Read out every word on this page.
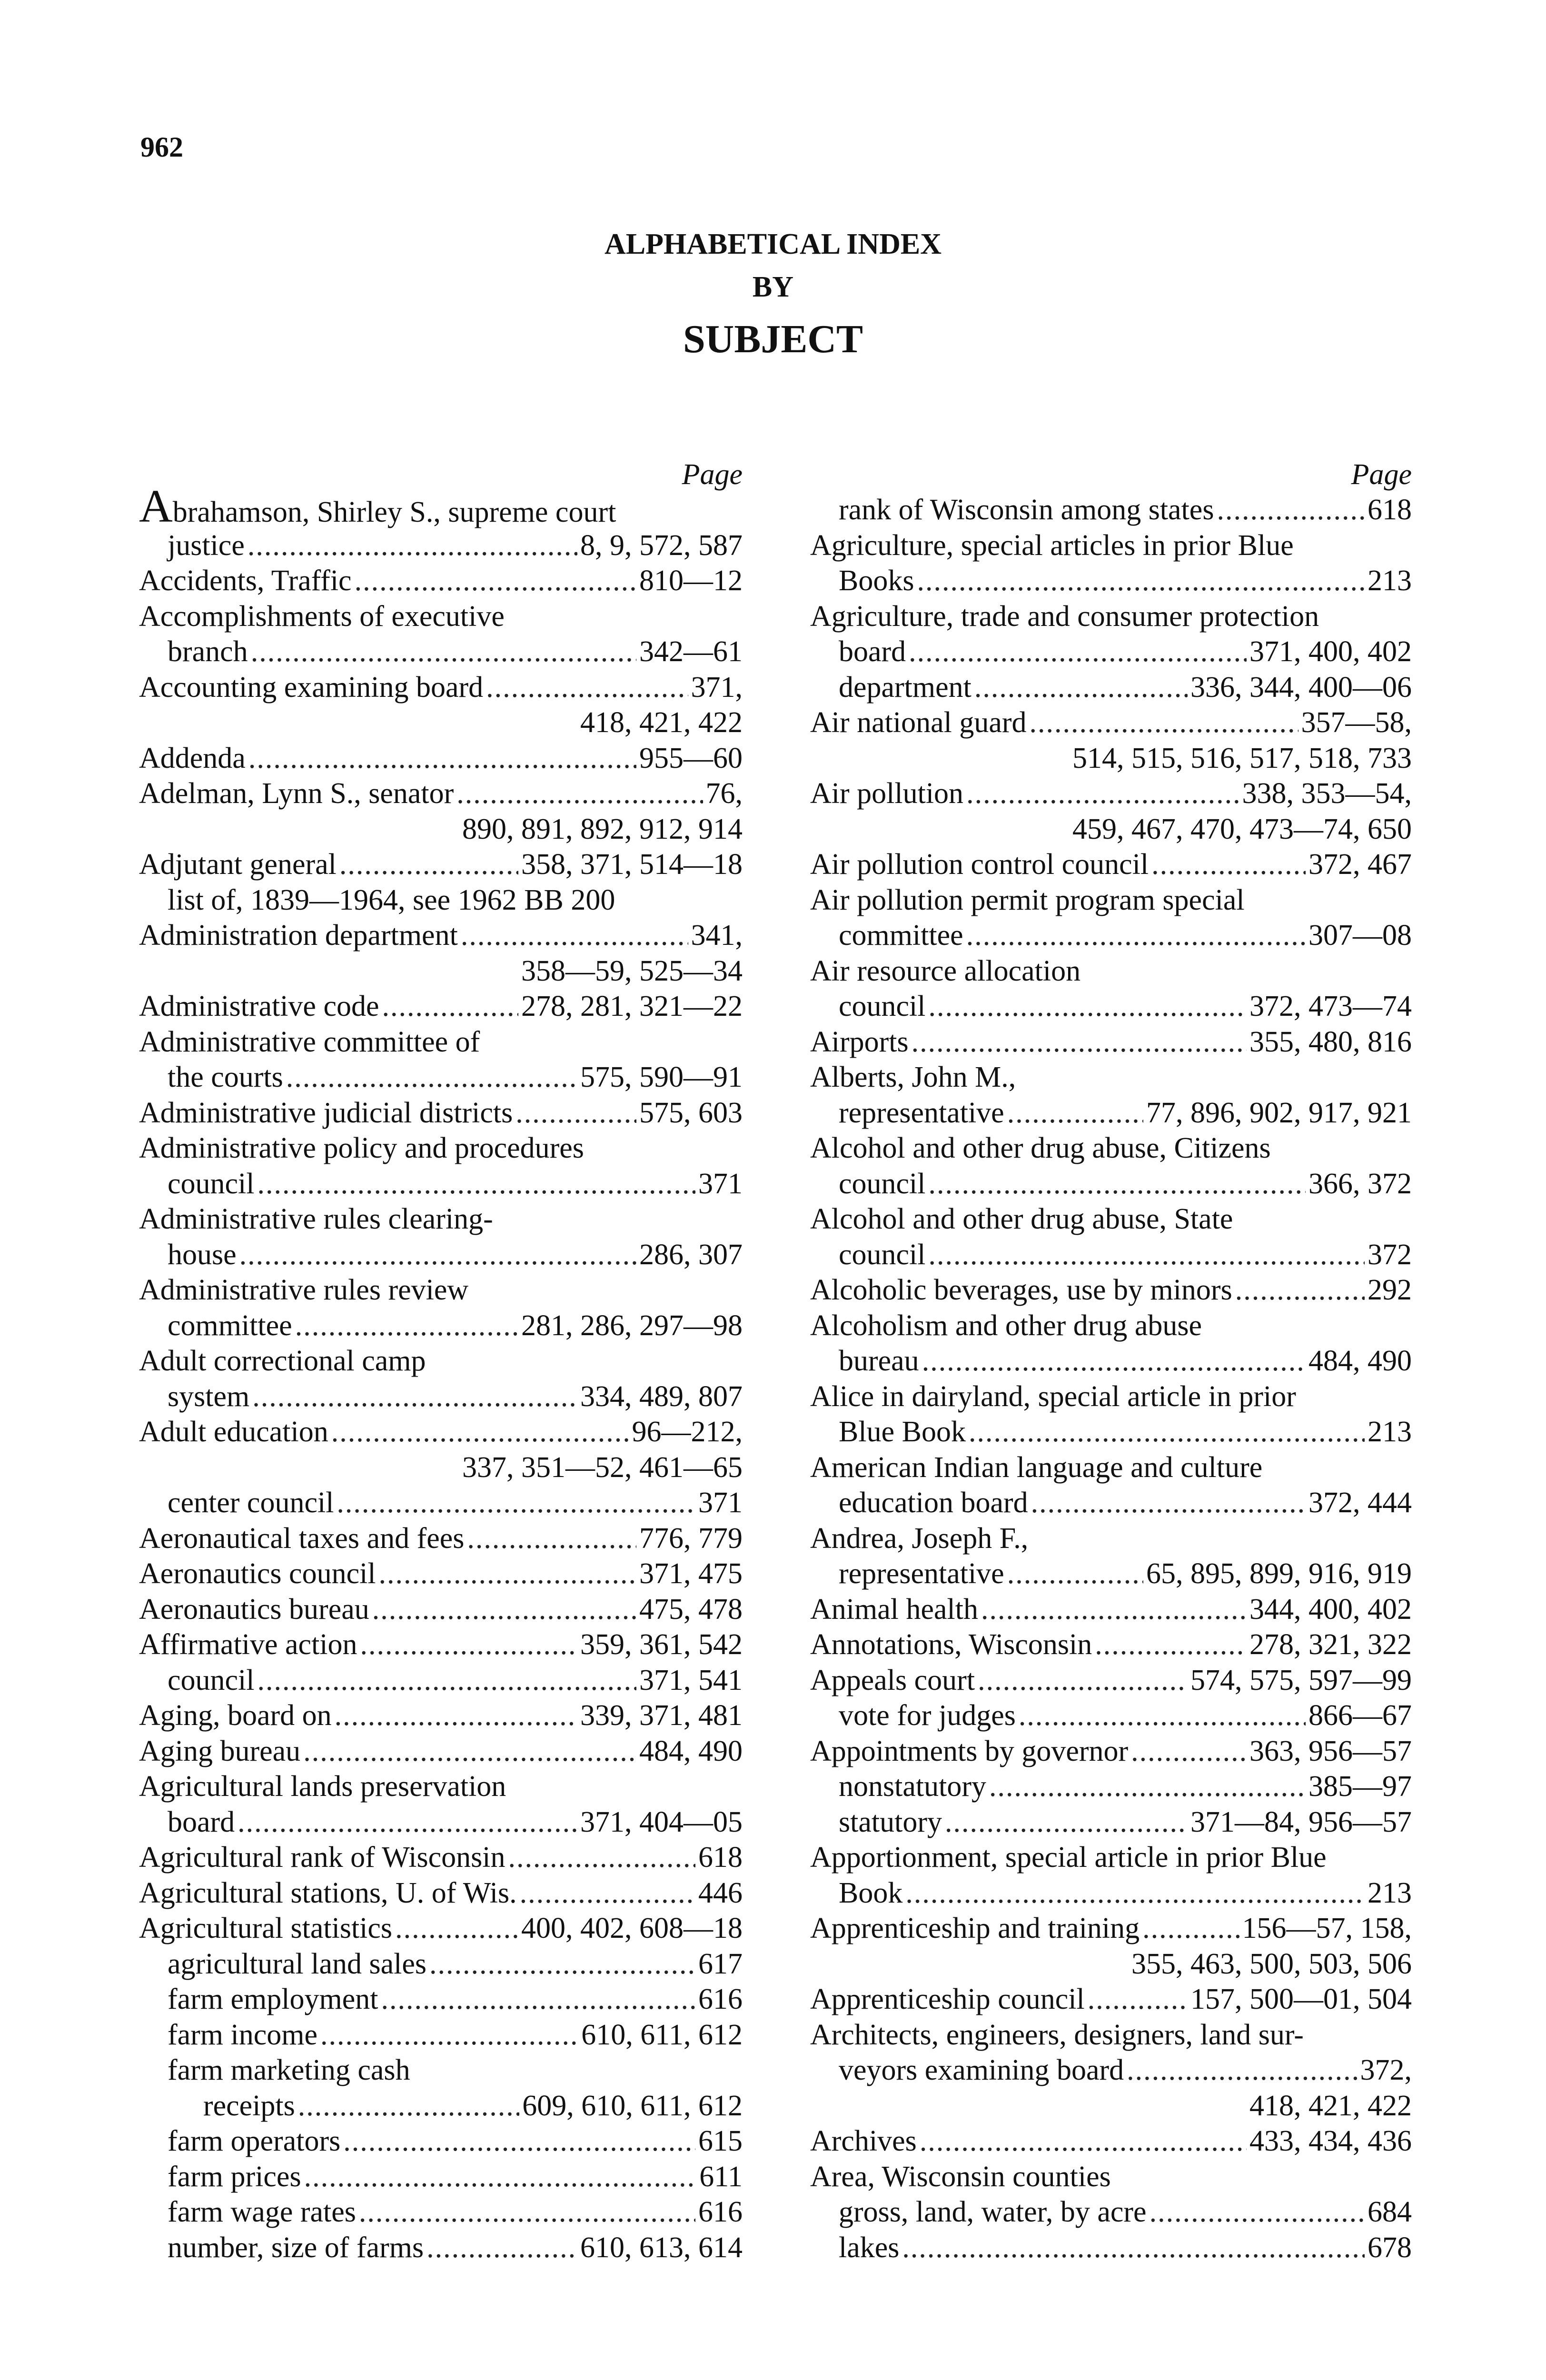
962
ALPHABETICAL INDEX
BY
SUBJECT
Page
Abrahamson, Shirley S., supreme court
justice .....	8, 9, 572, 587
Accidents, Traffic .....	810—12
Accomplishments of executive
branch .....	342—61
Accounting examining board .....	371,
418, 421, 422
Addenda .....	955—60
Adelman, Lynn S., senator .....	76,
890, 891, 892, 912, 914
Adjutant general .....	358, 371, 514—18
list of, 1839—1964, see 1962 BB 200
Administration department .....	341,
358—59, 525—34
Administrative code .....	278, 281, 321—22
Administrative committee of
the courts .....	575, 590—91
Administrative judicial districts .....	575, 603
Administrative policy and procedures
council .....	371
Administrative rules clearing-
house .....	286, 307
Administrative rules review
committee .....	281, 286, 297—98
Adult correctional camp
system .....	334, 489, 807
Adult education .....	96—212,
337, 351—52, 461—65
center council .....	371
Aeronautical taxes and fees .....	776, 779
Aeronautics council .....	371, 475
Aeronautics bureau .....	475, 478
Affirmative action .....	359, 361, 542
council .....	371, 541
Aging, board on .....	339, 371, 481
Aging bureau .....	484, 490
Agricultural lands preservation
board .....	371, 404—05
Agricultural rank of Wisconsin .....	618
Agricultural stations, U. of Wis. .....	446
Agricultural statistics .....	400, 402, 608—18
agricultural land sales .....	617
farm employment .....	616
farm income .....	610, 611, 612
farm marketing cash
receipts .....	609, 610, 611, 612
farm operators .....	615
farm prices .....	611
farm wage rates .....	616
number, size of farms .....	610, 613, 614
Page
rank of Wisconsin among states .....	618
Agriculture, special articles in prior Blue
Books .....	213
Agriculture, trade and consumer protection
board .....	371, 400, 402
department .....	336, 344, 400—06
Air national guard .....	357—58,
514, 515, 516, 517, 518, 733
Air pollution .....	338, 353—54,
459, 467, 470, 473—74, 650
Air pollution control council .....	372, 467
Air pollution permit program special
committee .....	307—08
Air resource allocation
council .....	372, 473—74
Airports .....	355, 480, 816
Alberts, John M.,
representative .....	77, 896, 902, 917, 921
Alcohol and other drug abuse, Citizens
council .....	366, 372
Alcohol and other drug abuse, State
council .....	372
Alcoholic beverages, use by minors .....	292
Alcoholism and other drug abuse
bureau .....	484, 490
Alice in dairyland, special article in prior
Blue Book .....	213
American Indian language and culture
education board .....	372, 444
Andrea, Joseph F.,
representative .....	65, 895, 899, 916, 919
Animal health .....	344, 400, 402
Annotations, Wisconsin .....	278, 321, 322
Appeals court .....	574, 575, 597—99
vote for judges .....	866—67
Appointments by governor .....	363, 956—57
nonstatutory .....	385—97
statutory .....	371—84, 956—57
Apportionment, special article in prior Blue
Book .....	213
Apprenticeship and training .....	156—57, 158,
355, 463, 500, 503, 506
Apprenticeship council .....	157, 500—01, 504
Architects, engineers, designers, land sur-
veyors examining board .....	372,
418, 421, 422
Archives .....	433, 434, 436
Area, Wisconsin counties
gross, land, water, by acre .....	684
lakes .....	678
